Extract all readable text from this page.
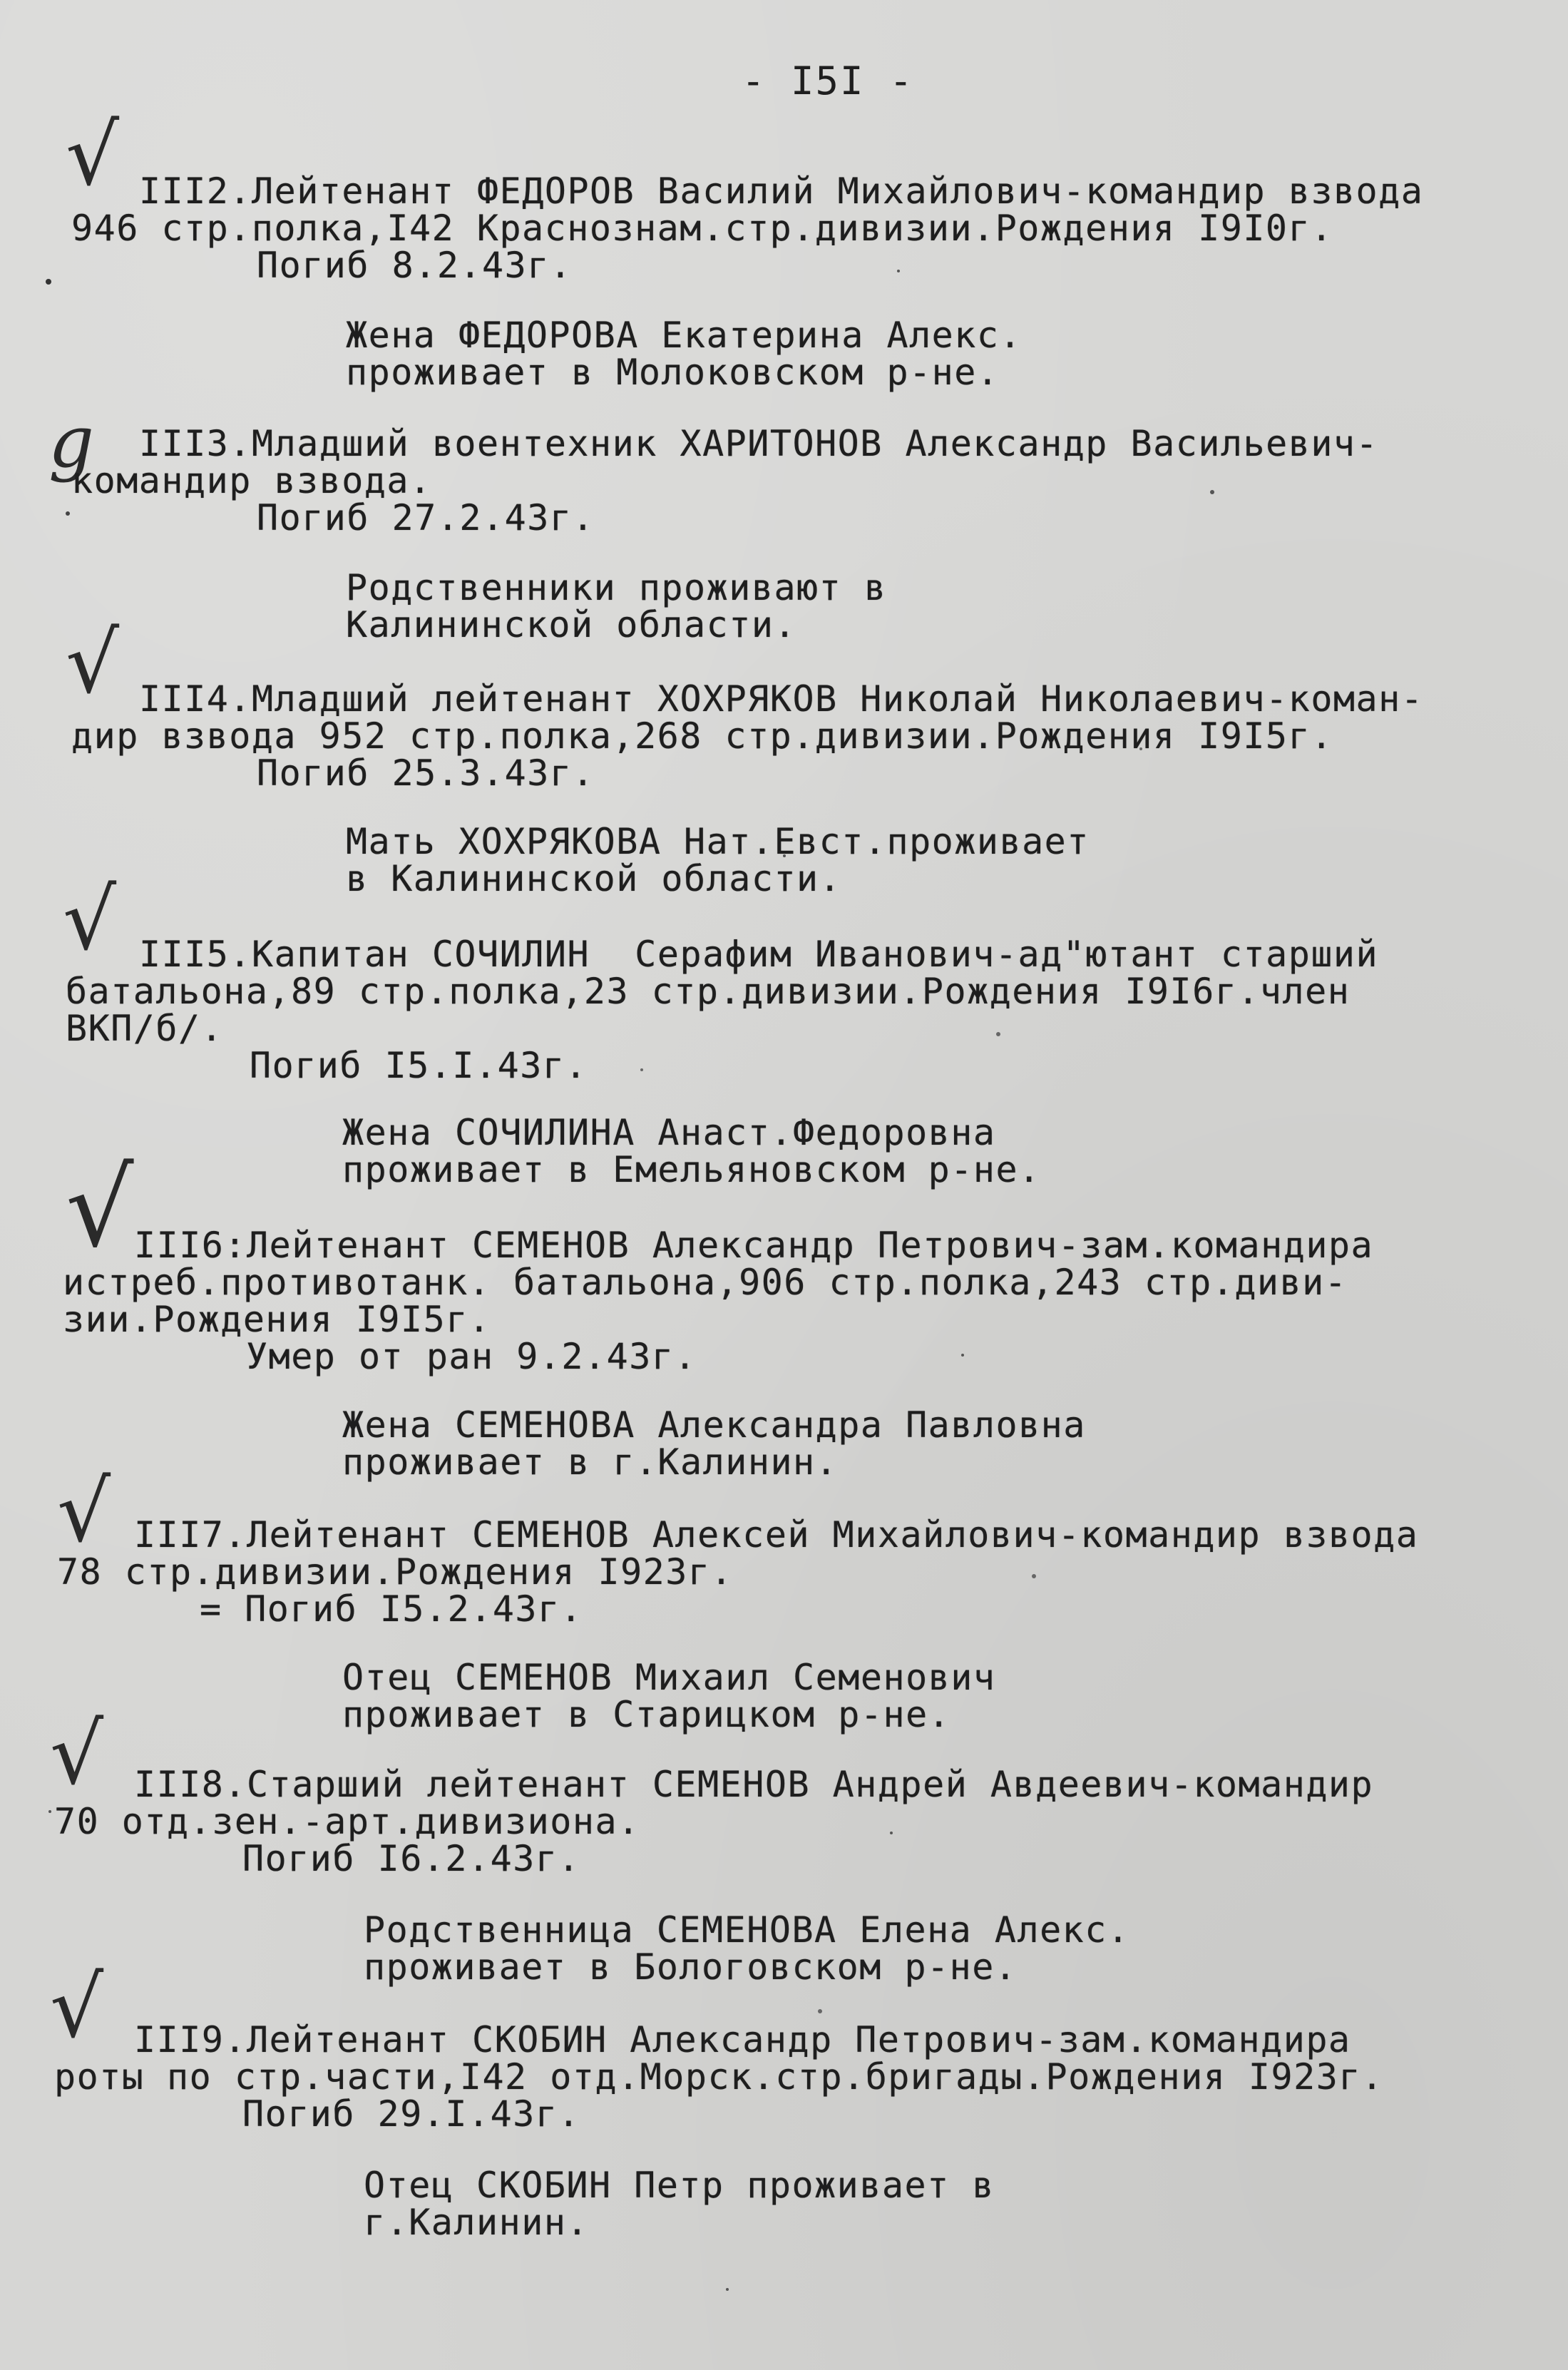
- I5I -
√ III2.Лейтенант ФЕДОРОВ Василий Михайлович-командир взвода
946 стр.полка,I42 Краснознам.стр.дивизии.Рождения I9I0г.
Погиб 8.2.43г.
Жена ФЕДОРОВА Екатерина Алекс.
проживает в Молоковском р-не.
g III3.Младший воентехник ХАРИТОНОВ Александр Васильевич-
командир взвода.
Погиб 27.2.43г.
Родственники проживают в
Калининской области.
√ III4.Младший лейтенант ХОХРЯКОВ Николай Николаевич-коман-
дир взвода 952 стр.полка,268 стр.дивизии.Рождения I9I5г.
Погиб 25.3.43г.
Мать ХОХРЯКОВА Нат.Евст.проживает
в Калининской области.
√ III5.Капитан СОЧИЛИН  Серафим Иванович-ад"ютант старший
батальона,89 стр.полка,23 стр.дивизии.Рождения I9I6г.член
ВКП/б/.
Погиб I5.I.43г.
Жена СОЧИЛИНА Анаст.Федоровна
проживает в Емельяновском р-не.
√ III6:Лейтенант СЕМЕНОВ Александр Петрович-зам.командира
истреб.противотанк. батальона,906 стр.полка,243 стр.диви-
зии.Рождения I9I5г.
Умер от ран 9.2.43г.
Жена СЕМЕНОВА Александра Павловна
проживает в г.Калинин.
√ III7.Лейтенант СЕМЕНОВ Алексей Михайлович-командир взвода
78 стр.дивизии.Рождения I923г.
= Погиб I5.2.43г.
Отец СЕМЕНОВ Михаил Семенович
проживает в Старицком р-не.
√ III8.Старший лейтенант СЕМЕНОВ Андрей Авдеевич-командир
70 отд.зен.-арт.дивизиона.
Погиб I6.2.43г.
Родственница СЕМЕНОВА Елена Алекс.
проживает в Бологовском р-не.
√ III9.Лейтенант СКОБИН Александр Петрович-зам.командира
роты по стр.части,I42 отд.Морск.стр.бригады.Рождения I923г.
Погиб 29.I.43г.
Отец СКОБИН Петр проживает в
г.Калинин.
